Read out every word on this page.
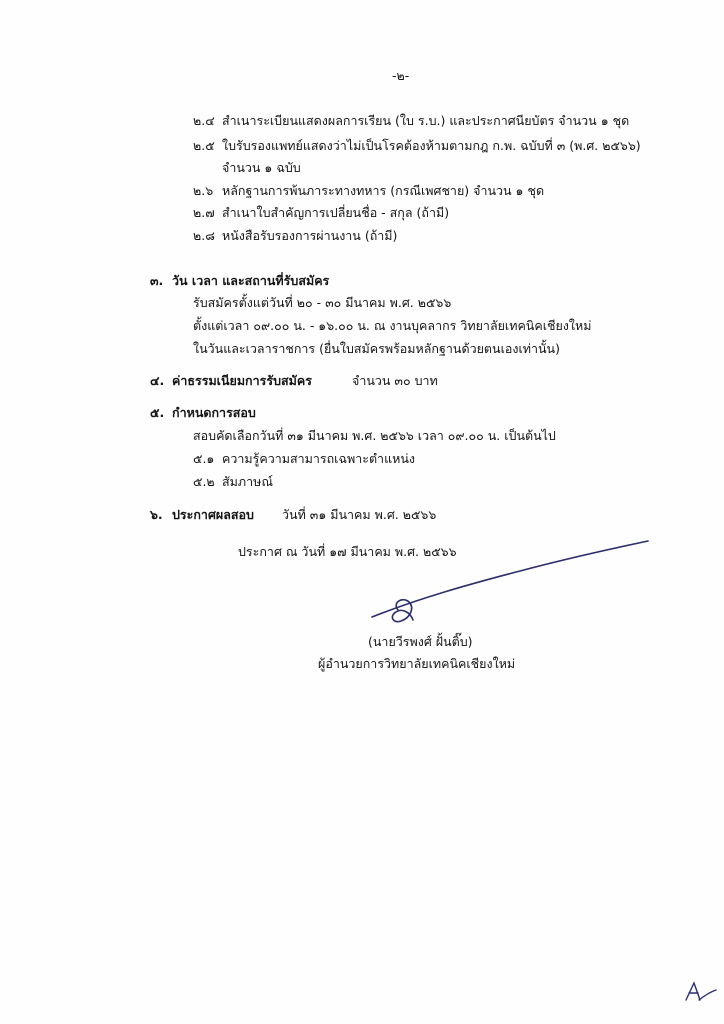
-๒-
๒.๔ สำเนาระเบียนแสดงผลการเรียน (ใบ ร.บ.) และประกาศนียบัตร จำนวน ๑ ชุด
๒.๕ ใบรับรองแพทย์แสดงว่าไม่เป็นโรคต้องห้ามตามกฎ ก.พ. ฉบับที่ ๓ (พ.ศ. ๒๕๖๖)
จำนวน ๑ ฉบับ
๒.๖ หลักฐานการพ้นภาระทางทหาร (กรณีเพศชาย) จำนวน ๑ ชุด
๒.๗ สำเนาใบสำคัญการเปลี่ยนชื่อ - สกุล (ถ้ามี)
๒.๘ หนังสือรับรองการผ่านงาน (ถ้ามี)
๓. วัน เวลา และสถานที่รับสมัคร
รับสมัครตั้งแต่วันที่ ๒๐ - ๓๐ มีนาคม พ.ศ. ๒๕๖๖
ตั้งแต่เวลา ๐๙.๐๐ น. - ๑๖.๐๐ น. ณ งานบุคลากร วิทยาลัยเทคนิคเชียงใหม่
ในวันและเวลาราชการ (ยื่นใบสมัครพร้อมหลักฐานด้วยตนเองเท่านั้น)
๔. ค่าธรรมเนียมการรับสมัคร	จำนวน ๓๐ บาท
๕. กำหนดการสอบ
สอบคัดเลือกวันที่ ๓๑ มีนาคม พ.ศ. ๒๕๖๖ เวลา ๐๙.๐๐ น. เป็นต้นไป
๕.๑ ความรู้ความสามารถเฉพาะตำแหน่ง
๕.๒ สัมภาษณ์
๖. ประกาศผลสอบ วันที่ ๓๑ มีนาคม พ.ศ. ๒๕๖๖
ประกาศ ณ วันที่ ๑๗ มีนาคม พ.ศ. ๒๕๖๖
(นายวีรพงศ์ ฝั้นติ๊บ)
ผู้อำนวยการวิทยาลัยเทคนิคเชียงใหม่
